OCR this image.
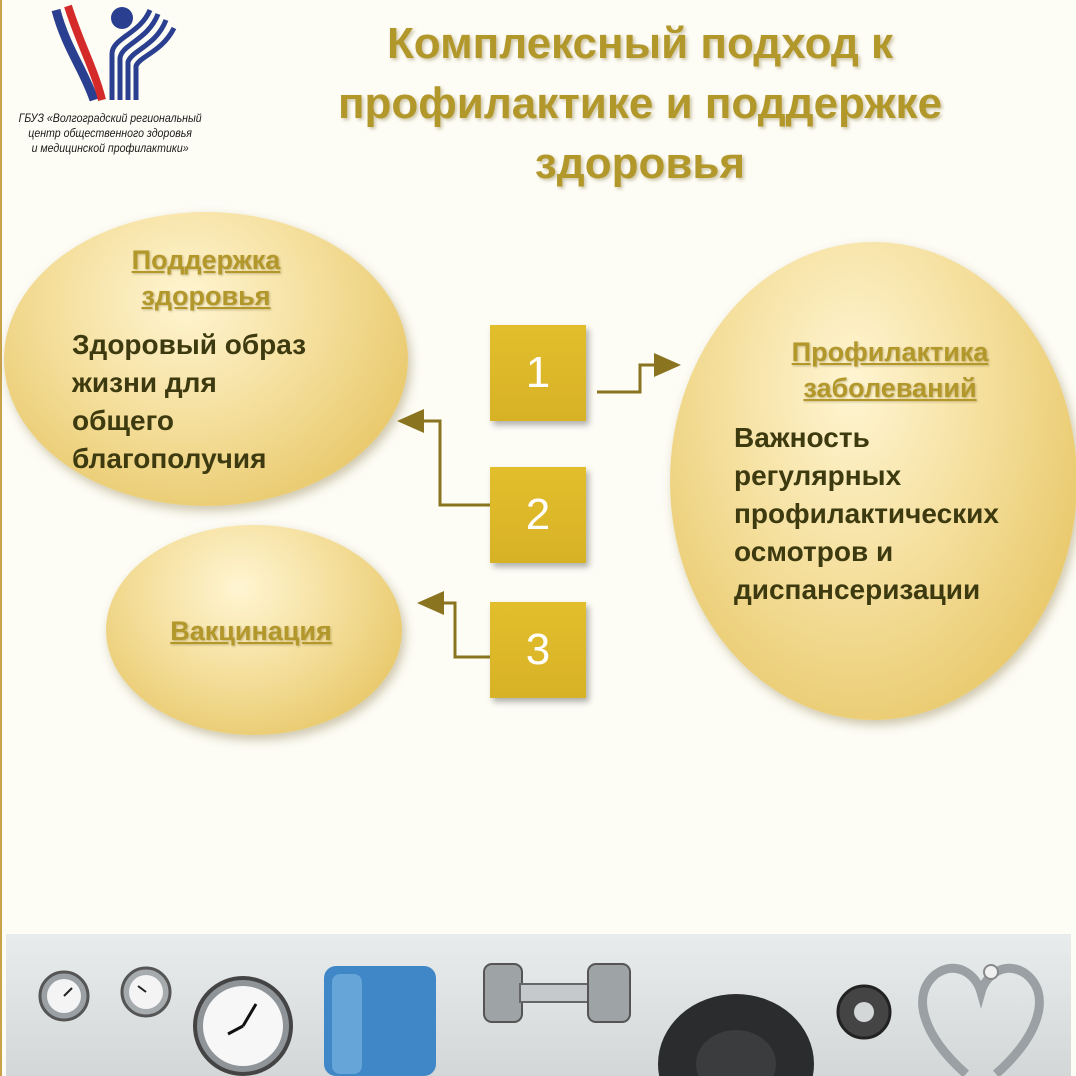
ГБУЗ «Волгоградский региональный
центр общественного здоровья
и медицинской профилактики»
Комплексный подход к профилактике и поддержке здоровья
Поддержка
здоровья
Здоровый образ
жизни для
общего
благополучия
Вакцинация
Профилактика
заболеваний
Важность
регулярных
профилактических
осмотров и
диспансеризации
1
2
3
